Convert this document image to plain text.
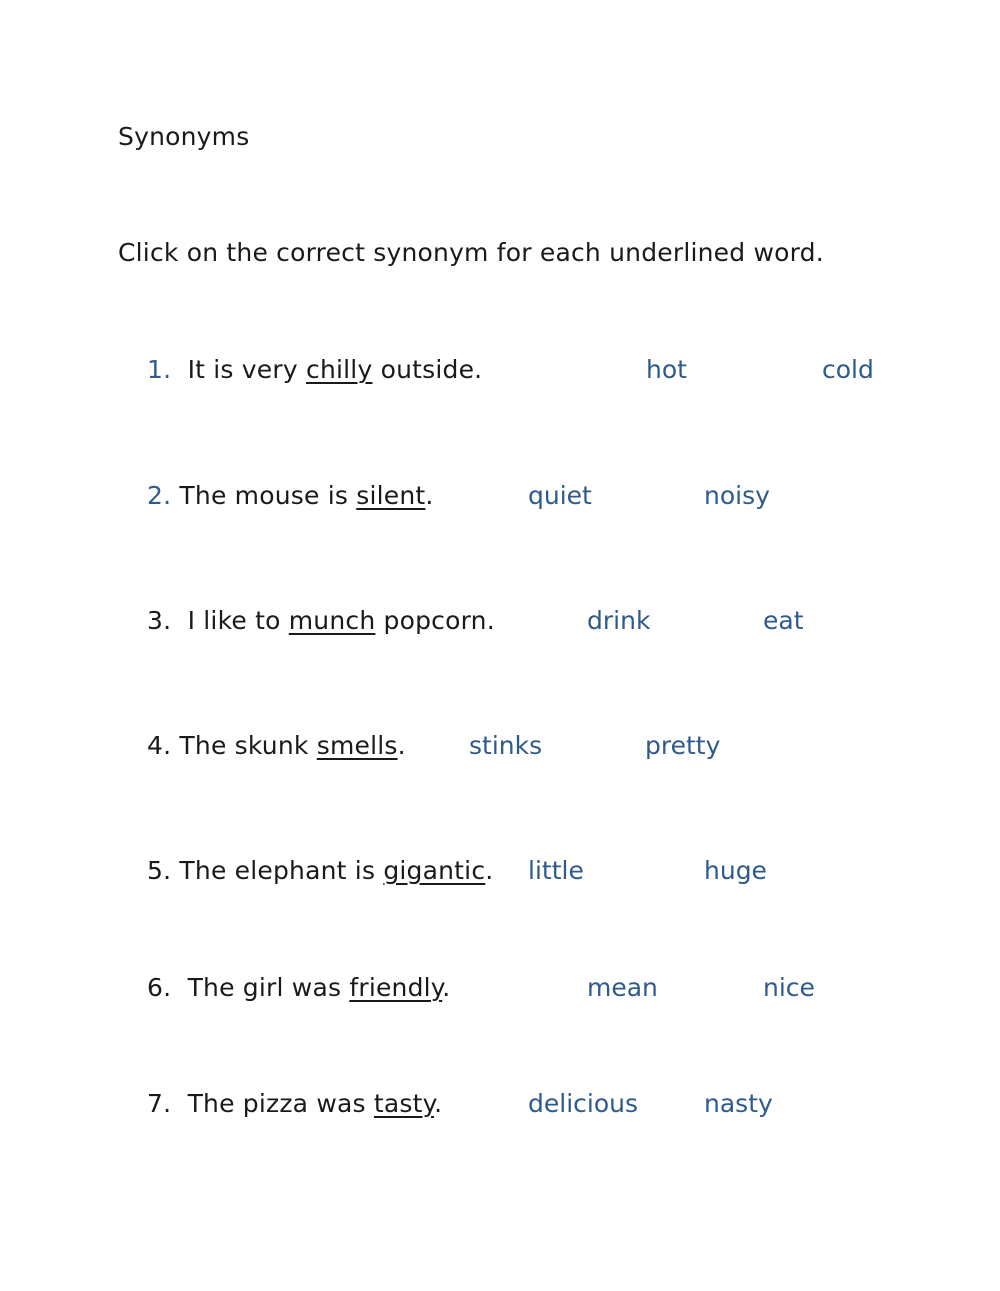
Synonyms
Click on the correct synonym for each underlined word.
1. It is very chilly outside.	hot	cold
2. The mouse is silent.	quiet	noisy
3. I like to munch popcorn.	drink	eat
4. The skunk smells.	stinks	pretty
5. The elephant is gigantic. little	huge
6. The girl was friendly.	mean	nice
7. The pizza was tasty.	delicious	nasty
